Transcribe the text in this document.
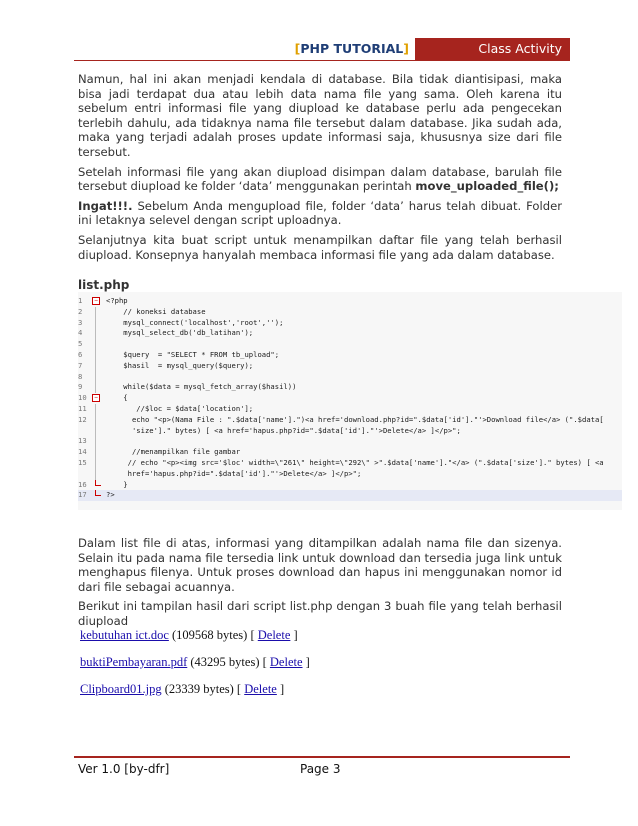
[PHP TUTORIAL]	Class Activity

Namun, hal ini akan menjadi kendala di database. Bila tidak diantisipasi, maka bisa jadi terdapat dua atau lebih data nama file yang sama. Oleh karena itu sebelum entri informasi file yang diupload ke database perlu ada pengecekan terlebih dahulu, ada tidaknya nama file tersebut dalam database. Jika sudah ada, maka yang terjadi adalah proses update informasi saja, khususnya size dari file tersebut.

Setelah informasi file yang akan diupload disimpan dalam database, barulah file tersebut diupload ke folder ‘data’ menggunakan perintah move_uploaded_file();

Ingat!!!. Sebelum Anda mengupload file, folder ‘data’ harus telah dibuat. Folder ini letaknya selevel dengan script uploadnya.

Selanjutnya kita buat script untuk menampilkan daftar file yang telah berhasil diupload. Konsepnya hanyalah membaca informasi file yang ada dalam database.

list.php
1	−	<?php
2	// koneksi database
3	mysql_connect('localhost','root','');
4	mysql_select_db('db_latihan');
5
6	$query  = "SELECT * FROM tb_upload";
7	$hasil  = mysql_query($query);
8
9	while($data = mysql_fetch_array($hasil))
10	−	{
11	//$loc = $data['location'];
12	echo "<p>(Nama File : ".$data['name'].")<a href='download.php?id=".$data['id']."'>Download file</a> (".$data[
'size']." bytes) [ <a href='hapus.php?id=".$data['id']."'>Delete</a> ]</p>";
13
14	//menampilkan file gambar
15	// echo "<p><img src='$loc' width=\"261\" height=\"292\" >".$data['name']."</a> (".$data['size']." bytes) [ <a
href='hapus.php?id=".$data['id']."'>Delete</a> ]</p>";
16	}
17	?>

Dalam list file di atas, informasi yang ditampilkan adalah nama file dan sizenya. Selain itu pada nama file tersedia link untuk download dan tersedia juga link untuk menghapus filenya. Untuk proses download dan hapus ini menggunakan nomor id dari file sebagai acuannya.

Berikut ini tampilan hasil dari script list.php dengan 3 buah file yang telah berhasil diupload

kebutuhan ict.doc (109568 bytes) [ Delete ]
buktiPembayaran.pdf (43295 bytes) [ Delete ]
Clipboard01.jpg (23339 bytes) [ Delete ]
Ver 1.0 [by-dfr]	Page 3
